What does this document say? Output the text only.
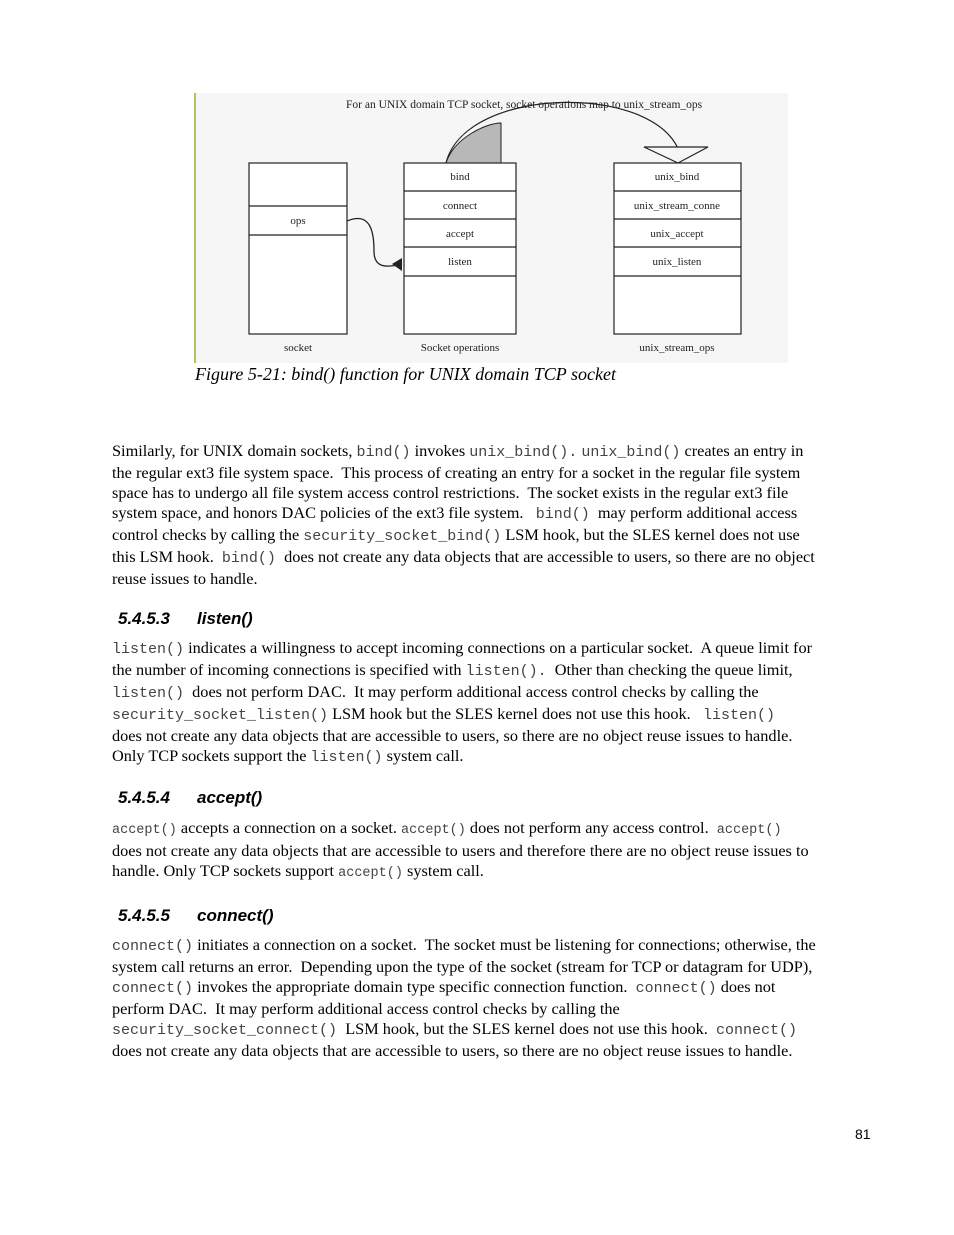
For an UNIX domain TCP socket, socket operations map to unix_stream_ops
ops
socket
bind
connect
accept
listen
Socket operations
unix_bind
unix_stream_conne
unix_accept
unix_listen
unix_stream_ops
Figure 5-21: bind() function for UNIX domain TCP socket
Similarly, for UNIX domain sockets, bind() invokes unix_bind(). unix_bind() creates an entry in
the regular ext3 file system space.  This process of creating an entry for a socket in the regular file system
space has to undergo all file system access control restrictions.  The socket exists in the regular ext3 file
system space, and honors DAC policies of the ext3 file system.   bind()  may perform additional access
control checks by calling the security_socket_bind() LSM hook, but the SLES kernel does not use
this LSM hook.  bind()  does not create any data objects that are accessible to users, so there are no object
reuse issues to handle.
5.4.5.3 listen()
listen() indicates a willingness to accept incoming connections on a particular socket.  A queue limit for
the number of incoming connections is specified with listen().  Other than checking the queue limit,
listen()  does not perform DAC.  It may perform additional access control checks by calling the
security_socket_listen() LSM hook but the SLES kernel does not use this hook.   listen()
does not create any data objects that are accessible to users, so there are no object reuse issues to handle.
Only TCP sockets support the listen() system call.
5.4.5.4 accept()
accept() accepts a connection on a socket. accept() does not perform any access control.  accept()
does not create any data objects that are accessible to users and therefore there are no object reuse issues to
handle. Only TCP sockets support accept() system call.
5.4.5.5 connect()
connect() initiates a connection on a socket.  The socket must be listening for connections; otherwise, the
system call returns an error.  Depending upon the type of the socket (stream for TCP or datagram for UDP),
connect() invokes the appropriate domain type specific connection function.  connect() does not
perform DAC.  It may perform additional access control checks by calling the
security_socket_connect()  LSM hook, but the SLES kernel does not use this hook.  connect()
does not create any data objects that are accessible to users, so there are no object reuse issues to handle.
81
